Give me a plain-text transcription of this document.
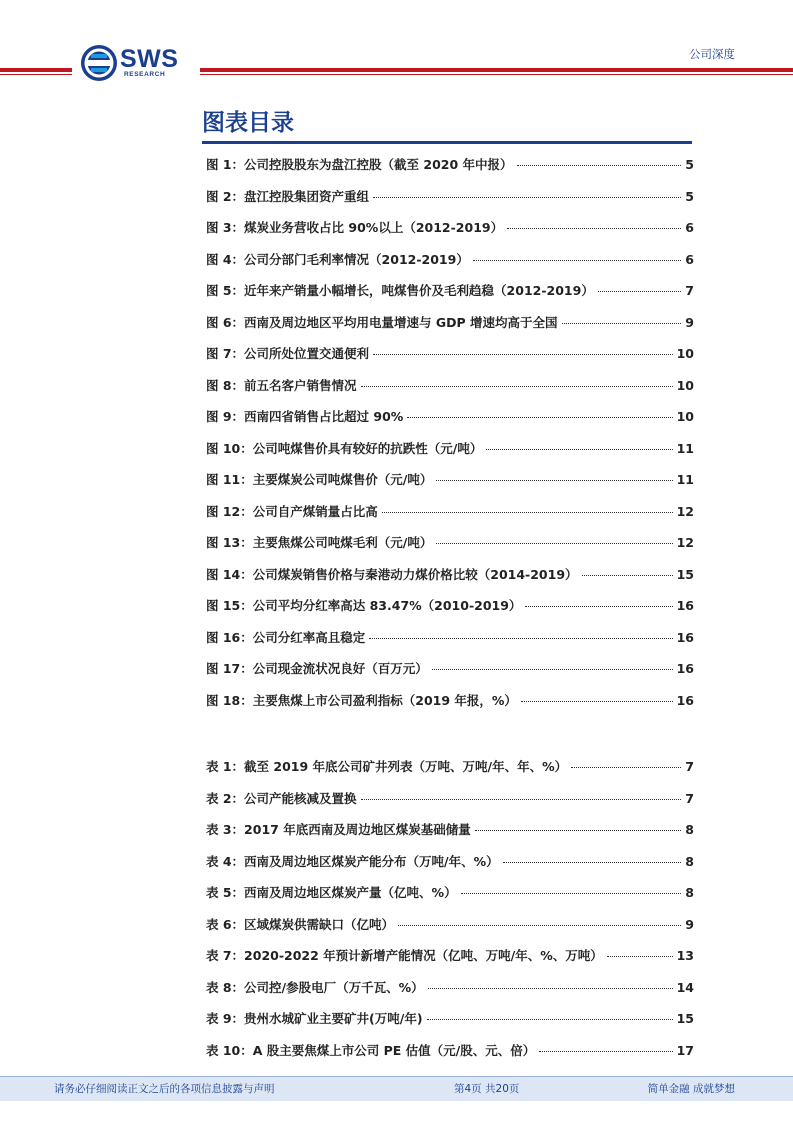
SWS
RESEARCH
公司深度
图表目录
图 1：公司控股股东为盘江控股（截至 2020 年中报）	5
图 2：盘江控股集团资产重组	5
图 3：煤炭业务营收占比 90%以上（2012-2019）	6
图 4：公司分部门毛利率情况（2012-2019）	6
图 5：近年来产销量小幅增长，吨煤售价及毛利趋稳（2012-2019）	7
图 6：西南及周边地区平均用电量增速与 GDP 增速均高于全国	9
图 7：公司所处位置交通便利	10
图 8：前五名客户销售情况	10
图 9：西南四省销售占比超过 90%	10
图 10：公司吨煤售价具有较好的抗跌性（元/吨）	11
图 11：主要煤炭公司吨煤售价（元/吨）	11
图 12：公司自产煤销量占比高	12
图 13：主要焦煤公司吨煤毛利（元/吨）	12
图 14：公司煤炭销售价格与秦港动力煤价格比较（2014-2019）	15
图 15：公司平均分红率高达 83.47%（2010-2019）	16
图 16：公司分红率高且稳定	16
图 17：公司现金流状况良好（百万元）	16
图 18：主要焦煤上市公司盈利指标（2019 年报，%）	16
表 1：截至 2019 年底公司矿井列表（万吨、万吨/年、年、%）	7
表 2：公司产能核减及置换	7
表 3：2017 年底西南及周边地区煤炭基础储量	8
表 4：西南及周边地区煤炭产能分布（万吨/年、%）	8
表 5：西南及周边地区煤炭产量（亿吨、%）	8
表 6：区域煤炭供需缺口（亿吨）	9
表 7：2020-2022 年预计新增产能情况（亿吨、万吨/年、%、万吨）	13
表 8：公司控/参股电厂（万千瓦、%）	14
表 9：贵州水城矿业主要矿井(万吨/年)	15
表 10：A 股主要焦煤上市公司 PE 估值（元/股、元、倍）	17
请务必仔细阅读正文之后的各项信息披露与声明	第4页 共20页	简单金融 成就梦想
